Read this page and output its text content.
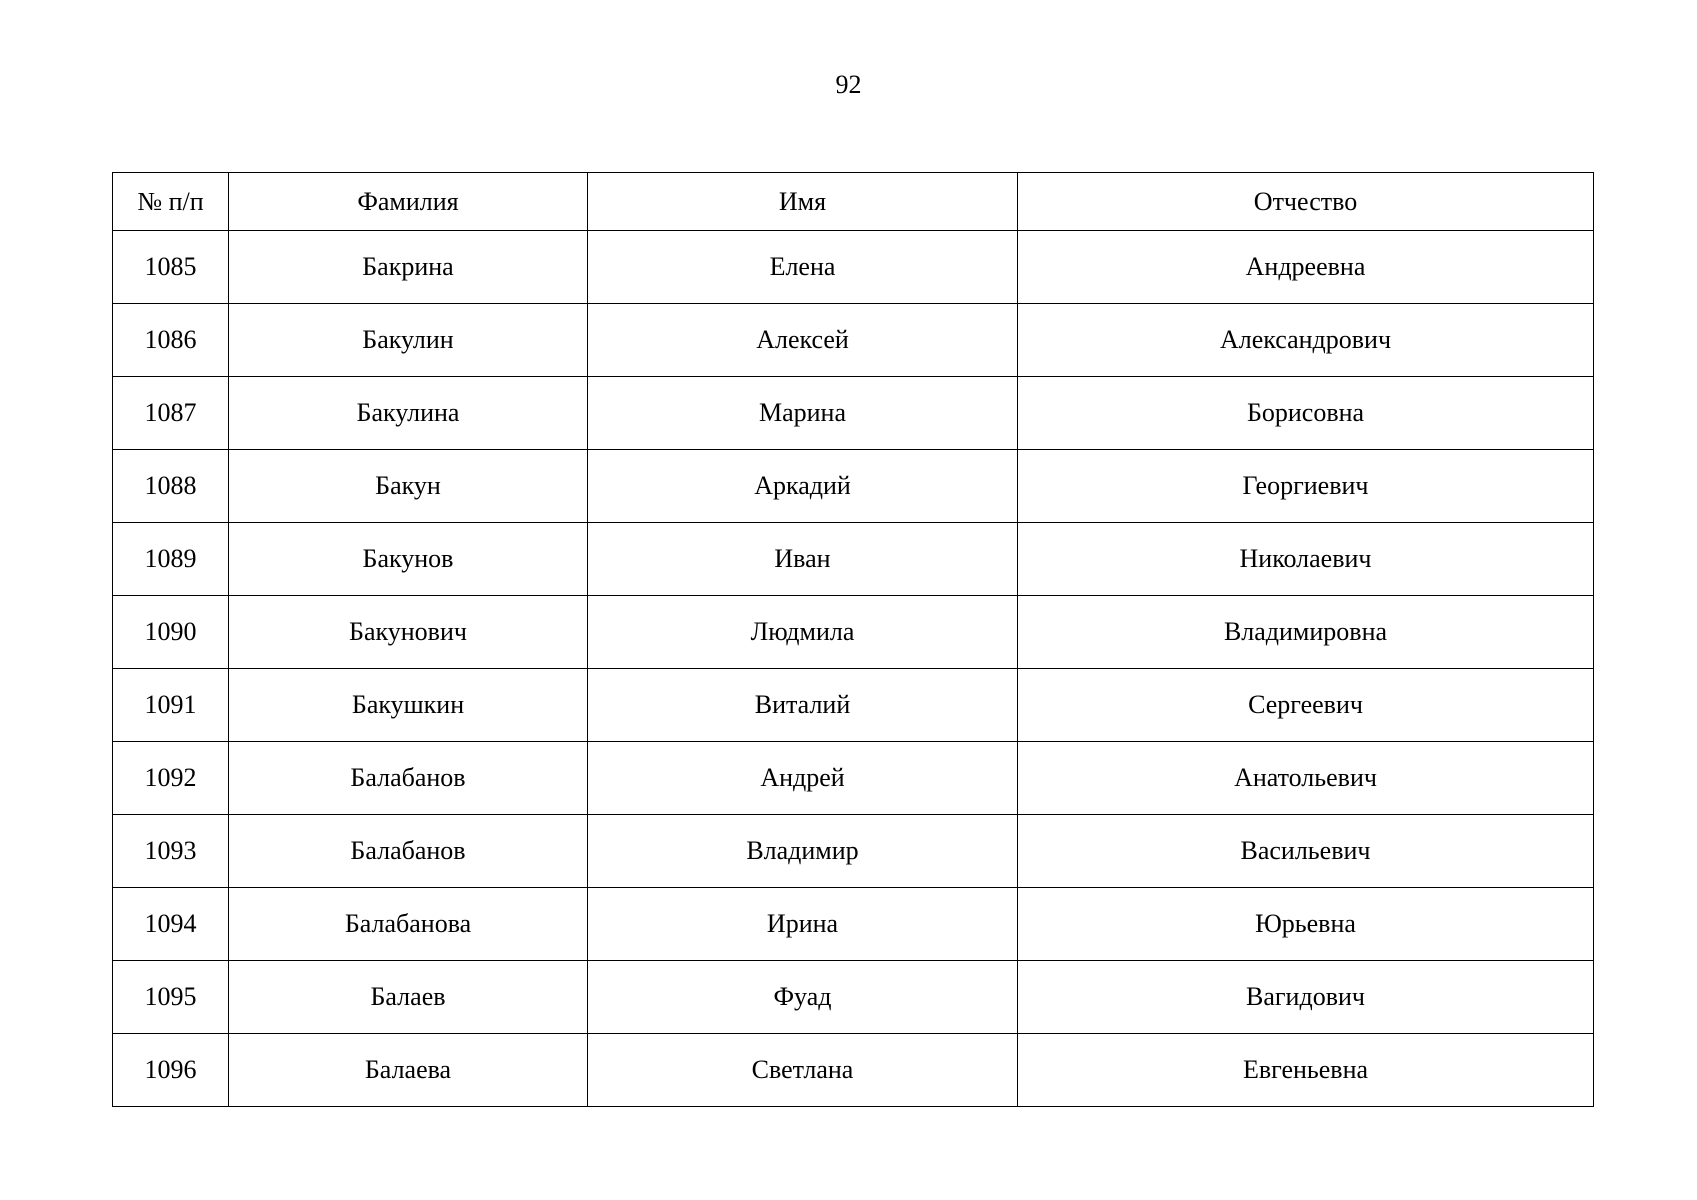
92
№ п/п	Фамилия	Имя	Отчество
1085	Бакрина	Елена	Андреевна
1086	Бакулин	Алексей	Александрович
1087	Бакулина	Марина	Борисовна
1088	Бакун	Аркадий	Георгиевич
1089	Бакунов	Иван	Николаевич
1090	Бакунович	Людмила	Владимировна
1091	Бакушкин	Виталий	Сергеевич
1092	Балабанов	Андрей	Анатольевич
1093	Балабанов	Владимир	Васильевич
1094	Балабанова	Ирина	Юрьевна
1095	Балаев	Фуад	Вагидович
1096	Балаева	Светлана	Евгеньевна
